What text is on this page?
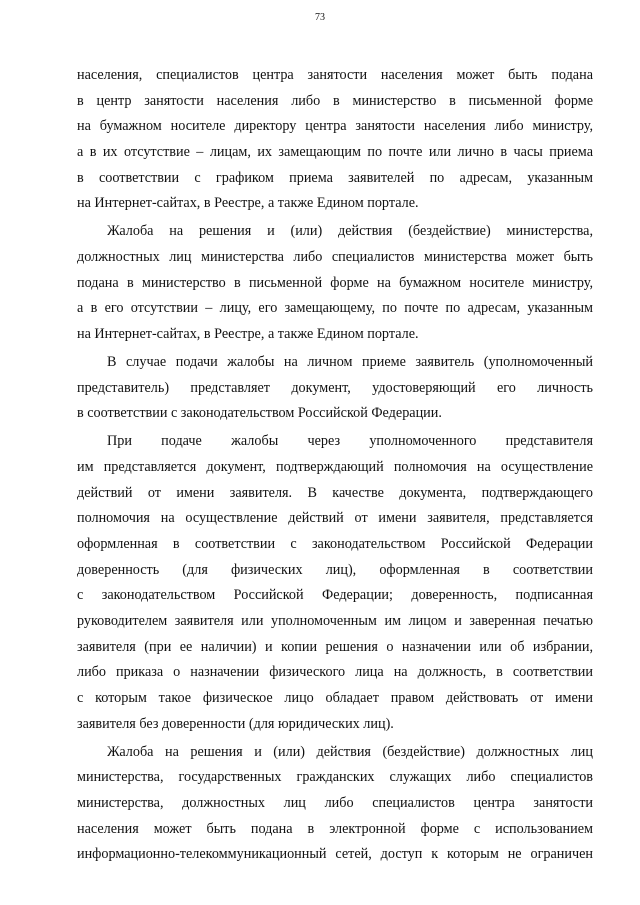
73
населения, специалистов центра занятости населения может быть подана
в центр занятости населения либо в министерство в письменной форме
на бумажном носителе директору центра занятости населения либо министру,
а в их отсутствие – лицам, их замещающим по почте или лично в часы приема
в соответствии с графиком приема заявителей по адресам, указанным
на Интернет-сайтах, в Реестре, а также Едином портале.
Жалоба на решения и (или) действия (бездействие) министерства,
должностных лиц министерства либо специалистов министерства может быть
подана в министерство в письменной форме на бумажном носителе министру,
а в его отсутствии – лицу, его замещающему, по почте по адресам, указанным
на Интернет-сайтах, в Реестре, а также Едином портале.
В случае подачи жалобы на личном приеме заявитель (уполномоченный
представитель) представляет документ, удостоверяющий его личность
в соответствии с законодательством Российской Федерации.
При подаче жалобы через уполномоченного представителя
им представляется документ, подтверждающий полномочия на осуществление
действий от имени заявителя. В качестве документа, подтверждающего
полномочия на осуществление действий от имени заявителя, представляется
оформленная в соответствии с законодательством Российской Федерации
доверенность (для физических лиц), оформленная в соответствии
с законодательством Российской Федерации; доверенность, подписанная
руководителем заявителя или уполномоченным им лицом и заверенная печатью
заявителя (при ее наличии) и копии решения о назначении или об избрании,
либо приказа о назначении физического лица на должность, в соответствии
с которым такое физическое лицо обладает правом действовать от имени
заявителя без доверенности (для юридических лиц).
Жалоба на решения и (или) действия (бездействие) должностных лиц
министерства, государственных гражданских служащих либо специалистов
министерства, должностных лиц либо специалистов центра занятости
населения может быть подана в электронной форме с использованием
информационно-телекоммуникационный сетей, доступ к которым не ограничен
